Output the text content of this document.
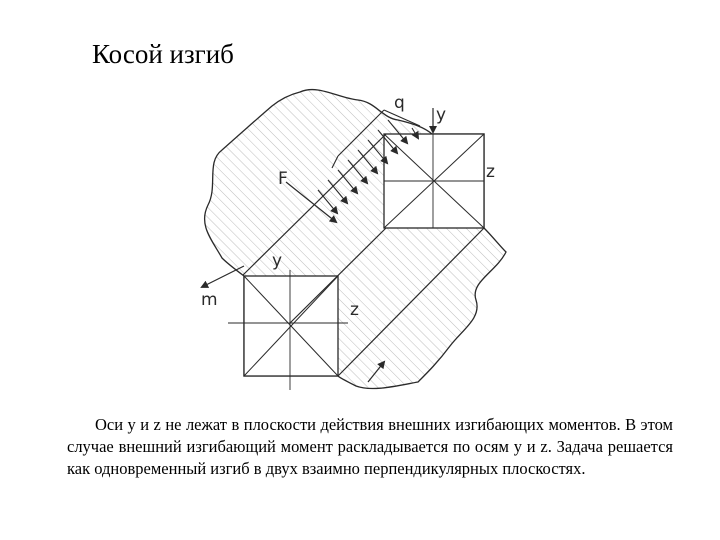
Косой изгиб
q
y
z
F
y
z
m

Оси y и z не лежат в плоскости действия внешних изгибающих моментов. В этом случае внешний изгибающий момент раскладывается по осям y и z. Задача решается как одновременный изгиб в двух взаимно перпендикулярных плоскостях.
